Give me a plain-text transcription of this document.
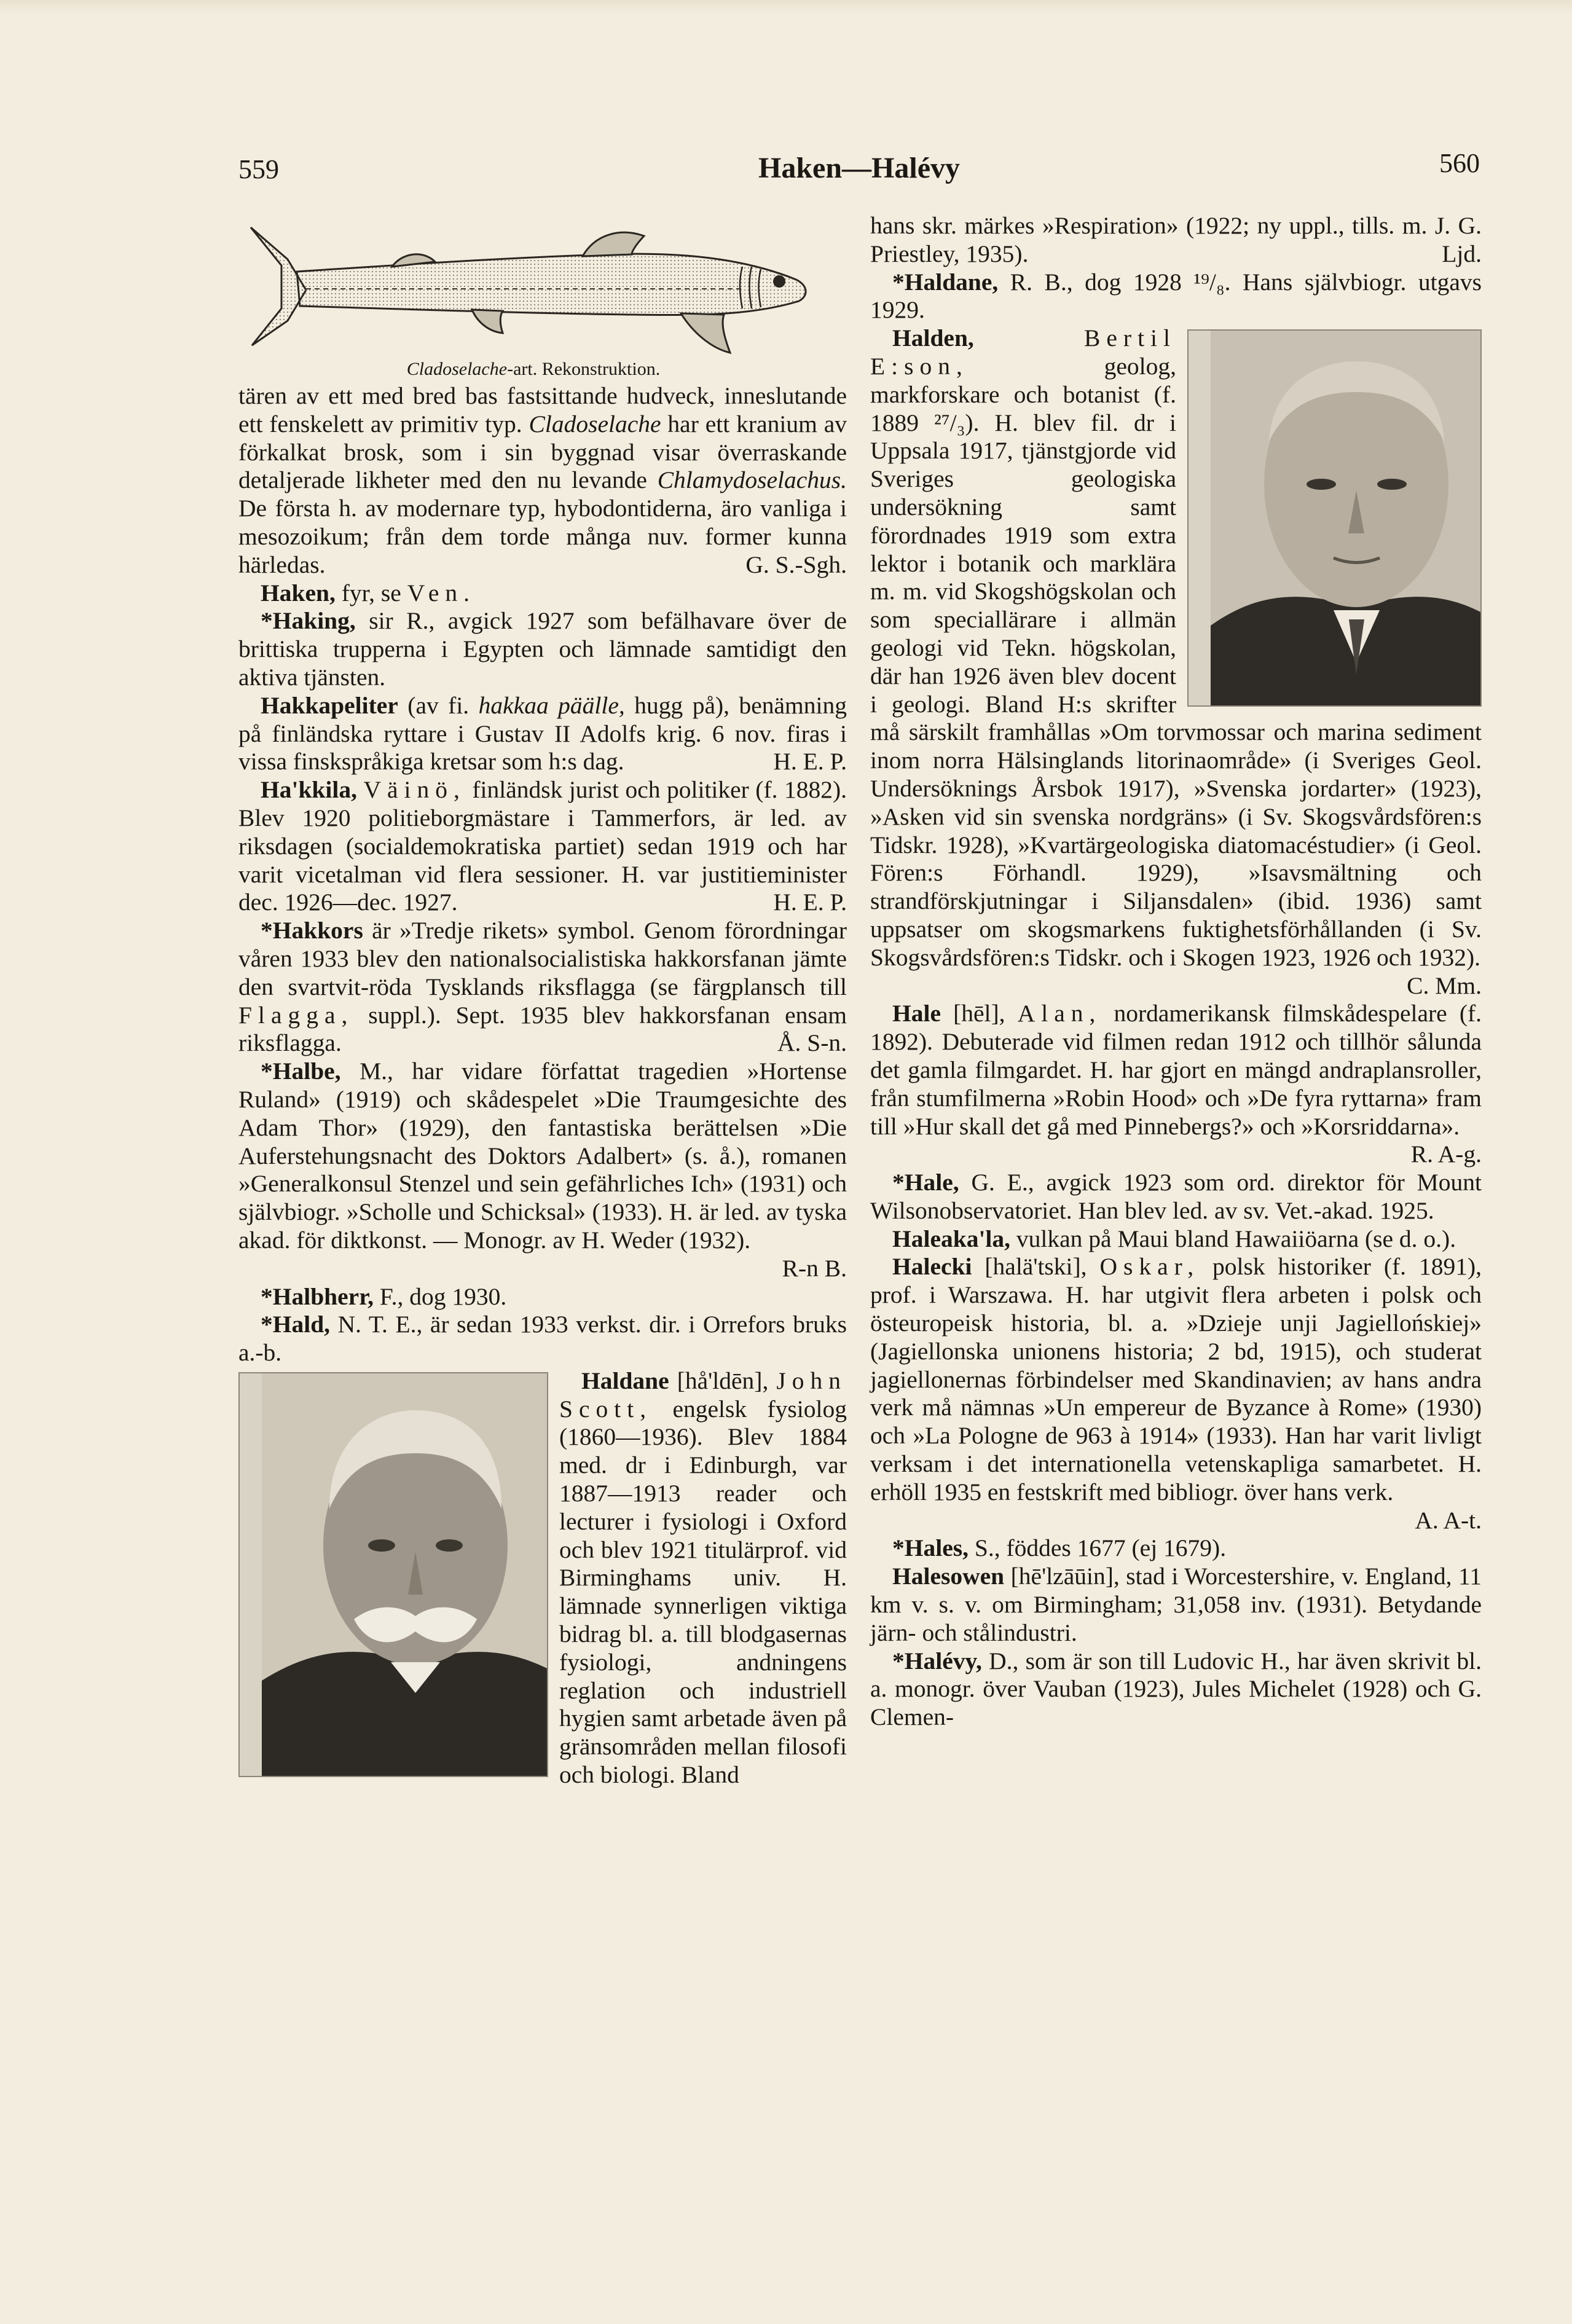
559	Haken—Halévy	560
Cladoselache-art. Rekonstruktion.

tären av ett med bred bas fastsittande hudveck, inneslutande ett fenskelett av primitiv typ. Cladoselache har ett kranium av förkalkat brosk, som i sin byggnad visar överraskande detaljerade likheter med den nu levande Chlamydoselachus. De första h. av modernare typ, hybodontiderna, äro vanliga i mesozoikum; från dem torde många nuv. former kunna härledas.	G. S.-Sgh.

Haken, fyr, se Ven.

*Haking, sir R., avgick 1927 som befälhavare över de brittiska trupperna i Egypten och lämnade samtidigt den aktiva tjänsten.

Hakkapeliter (av fi. hakkaa päälle, hugg på), benämning på finländska ryttare i Gustav II Adolfs krig. 6 nov. firas i vissa finskspråkiga kretsar som h:s dag.	H. E. P.

Ha'kkila, Väinö, finländsk jurist och politiker (f. 1882). Blev 1920 politieborgmästare i Tammerfors, är led. av riksdagen (socialdemokratiska partiet) sedan 1919 och har varit vicetalman vid flera sessioner. H. var justitieminister dec. 1926—dec. 1927.	H. E. P.

*Hakkors är »Tredje rikets» symbol. Genom förordningar våren 1933 blev den nationalsocialistiska hakkorsfanan jämte den svartvit-röda Tysklands riksflagga (se färgplansch till Flagga, suppl.). Sept. 1935 blev hakkorsfanan ensam riksflagga.	Å. S-n.

*Halbe, M., har vidare författat tragedien »Hortense Ruland» (1919) och skådespelet »Die Traumgesichte des Adam Thor» (1929), den fantastiska berättelsen »Die Auferstehungsnacht des Doktors Adalbert» (s. å.), romanen »Generalkonsul Stenzel und sein gefährliches Ich» (1931) och självbiogr. »Scholle und Schicksal» (1933). H. är led. av tyska akad. för diktkonst. — Monogr. av H. Weder (1932).
R-n B.

*Halbherr, F., dog 1930.

*Hald, N. T. E., är sedan 1933 verkst. dir. i Orrefors bruks a.-b.

Haldane [hå'ldēn], John Scott, engelsk fysiolog (1860—1936). Blev 1884 med. dr i Edinburgh, var 1887—1913 reader och lecturer i fysiologi i Oxford och blev 1921 titulärprof. vid Birminghams univ. H. lämnade synnerligen viktiga bidrag bl. a. till blodgasernas fysiologi, andningens reglation och industriell hygien samt arbetade även på gränsområden mellan filosofi och biologi. Bland

hans skr. märkes »Respiration» (1922; ny uppl., tills. m. J. G. Priestley, 1935).	Ljd.

*Haldane, R. B., dog 1928 ¹⁹/₈. Hans självbiogr. utgavs 1929.

Halden,	Bertil E:son, geolog, markforskare och botanist (f. 1889 ²⁷/₃). H. blev fil. dr i Uppsala 1917, tjänstgjorde vid Sveriges geologiska undersökning samt förordnades 1919 som extra lektor i botanik och marklära m. m. vid Skogshögskolan och som speciallärare i allmän geologi vid Tekn. högskolan, där han 1926 även blev docent i geologi. Bland H:s skrifter må särskilt framhållas »Om torvmossar och marina sediment inom norra Hälsinglands litorinaområde» (i Sveriges Geol. Undersöknings Årsbok 1917), »Svenska jordarter» (1923), »Asken vid sin svenska nordgräns» (i Sv. Skogsvårdsfören:s Tidskr. 1928), »Kvartärgeologiska diatomacéstudier» (i Geol. Fören:s Förhandl. 1929), »Isavsmältning och strandförskjutningar i Siljansdalen» (ibid. 1936) samt uppsatser om skogsmarkens fuktighetsförhållanden (i Sv. Skogsvårdsfören:s Tidskr. och i Skogen 1923, 1926 och 1932).
C. Mm.

Hale [hēl], Alan, nordamerikansk filmskådespelare (f. 1892). Debuterade vid filmen redan 1912 och tillhör sålunda det gamla filmgardet. H. har gjort en mängd andraplansroller, från stumfilmerna »Robin Hood» och »De fyra ryttarna» fram till »Hur skall det gå med Pinnebergs?» och »Korsriddarna».
R. A-g.

*Hale, G. E., avgick 1923 som ord. direktor för Mount Wilsonobservatoriet. Han blev led. av sv. Vet.-akad. 1925.

Haleaka'la, vulkan på Maui bland Hawaiiöarna (se d. o.).

Halecki [halä'tski], Oskar, polsk historiker (f. 1891), prof. i Warszawa. H. har utgivit flera arbeten i polsk och östeuropeisk historia, bl. a. »Dzieje unji Jagiellońskiej» (Jagiellonska unionens historia; 2 bd, 1915), och studerat jagiellonernas förbindelser med Skandinavien; av hans andra verk må nämnas »Un empereur de Byzance à Rome» (1930) och »La Pologne de 963 à 1914» (1933). Han har varit livligt verksam i det internationella vetenskapliga samarbetet. H. erhöll 1935 en festskrift med bibliogr. över hans verk.
A. A-t.

*Hales, S., föddes 1677 (ej 1679).

Halesowen [hē'lzāūin], stad i Worcestershire, v. England, 11 km v. s. v. om Birmingham; 31,058 inv. (1931). Betydande järn- och stålindustri.

*Halévy, D., som är son till Ludovic H., har även skrivit bl. a. monogr. över Vauban (1923), Jules Michelet (1928) och G. Clemen-
